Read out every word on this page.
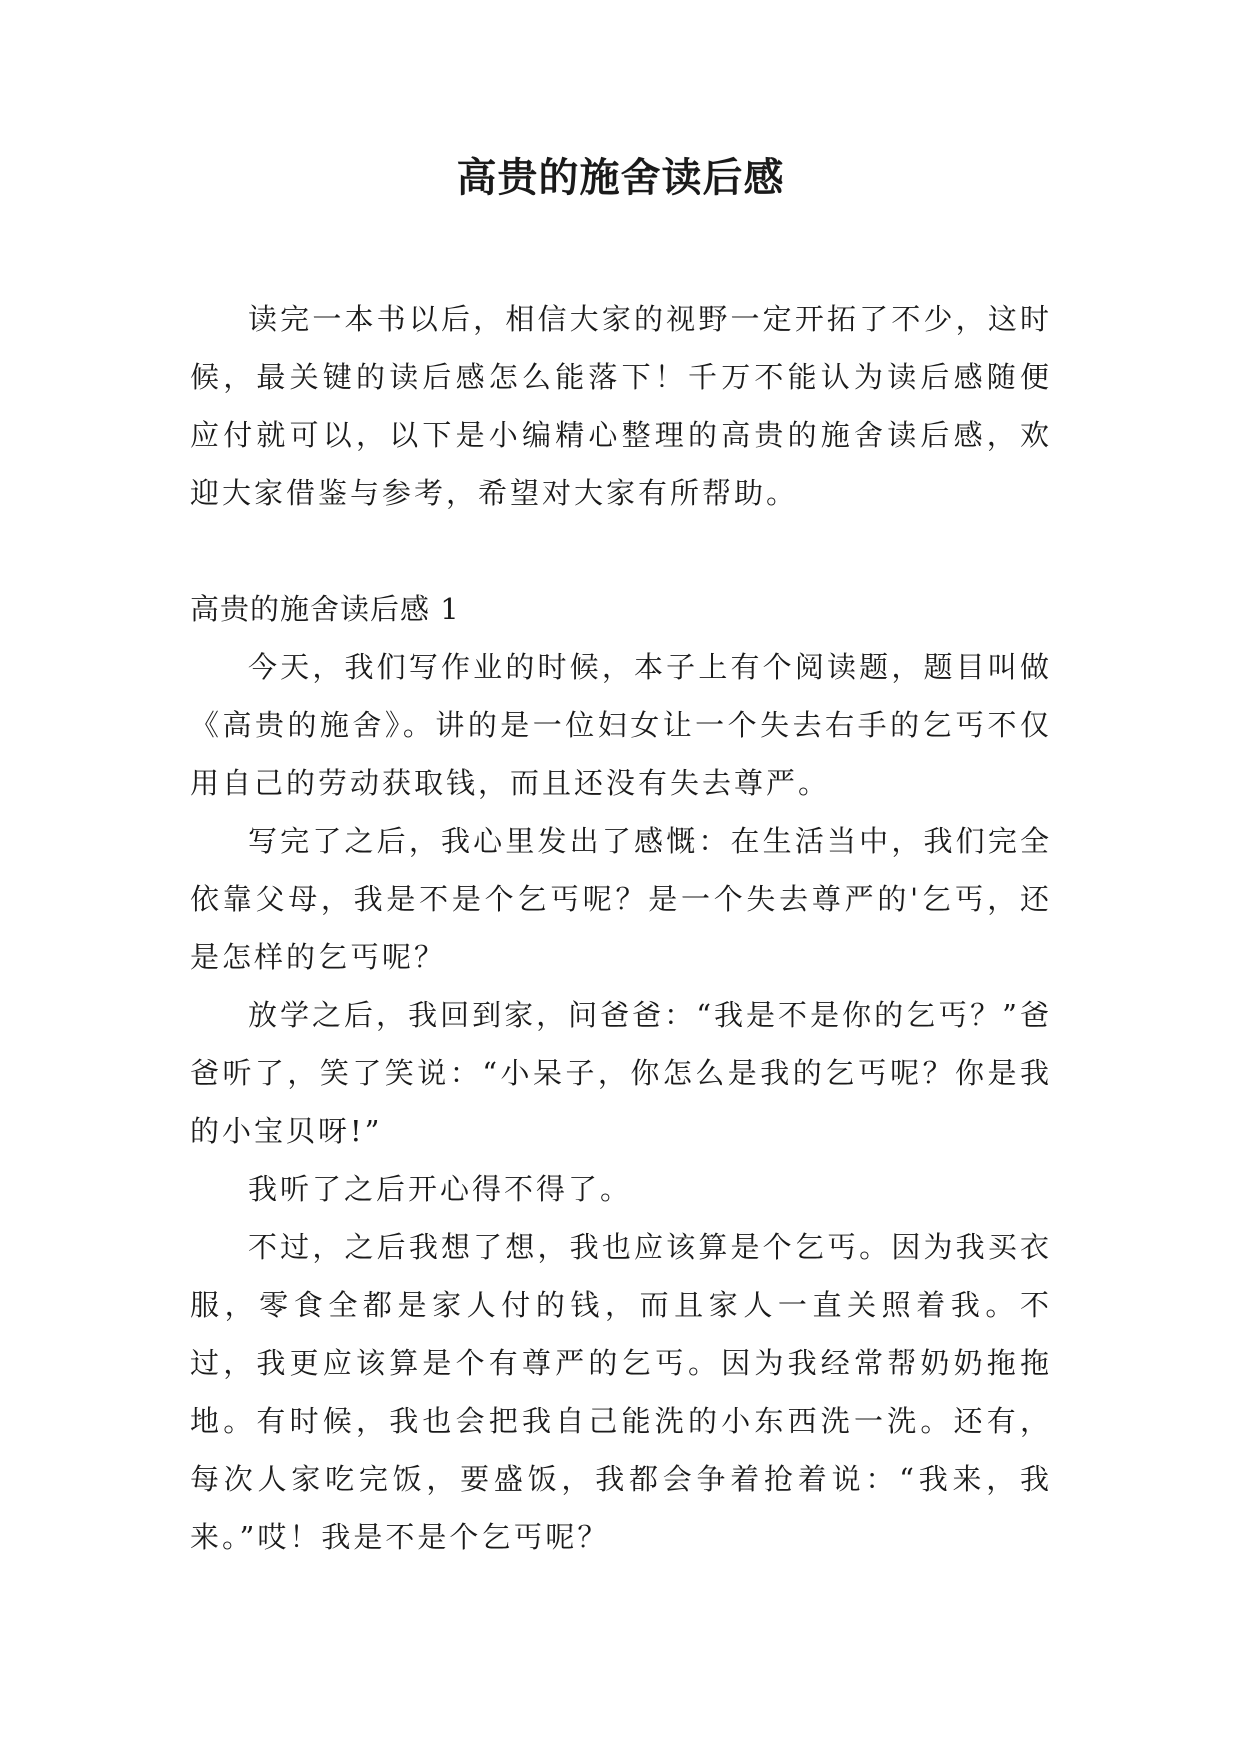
高贵的施舍读后感

读完一本书以后，相信大家的视野一定开拓了不少，这时候，最关键的读后感怎么能落下！千万不能认为读后感随便应付就可以，以下是小编精心整理的高贵的施舍读后感，欢迎大家借鉴与参考，希望对大家有所帮助。

高贵的施舍读后感 1

今天，我们写作业的时候，本子上有个阅读题，题目叫做《高贵的施舍》。讲的是一位妇女让一个失去右手的乞丐不仅用自己的劳动获取钱，而且还没有失去尊严。

写完了之后，我心里发出了感慨：在生活当中，我们完全依靠父母，我是不是个乞丐呢？是一个失去尊严的'乞丐，还是怎样的乞丐呢？

放学之后，我回到家，问爸爸：“我是不是你的乞丐？”爸爸听了，笑了笑说：“小呆子，你怎么是我的乞丐呢？你是我的小宝贝呀!”

我听了之后开心得不得了。

不过，之后我想了想，我也应该算是个乞丐。因为我买衣服，零食全都是家人付的钱，而且家人一直关照着我。不过，我更应该算是个有尊严的乞丐。因为我经常帮奶奶拖拖地。有时候，我也会把我自己能洗的小东西洗一洗。还有，每次人家吃完饭，要盛饭，我都会争着抢着说：“我来，我来。”哎！我是不是个乞丐呢？
